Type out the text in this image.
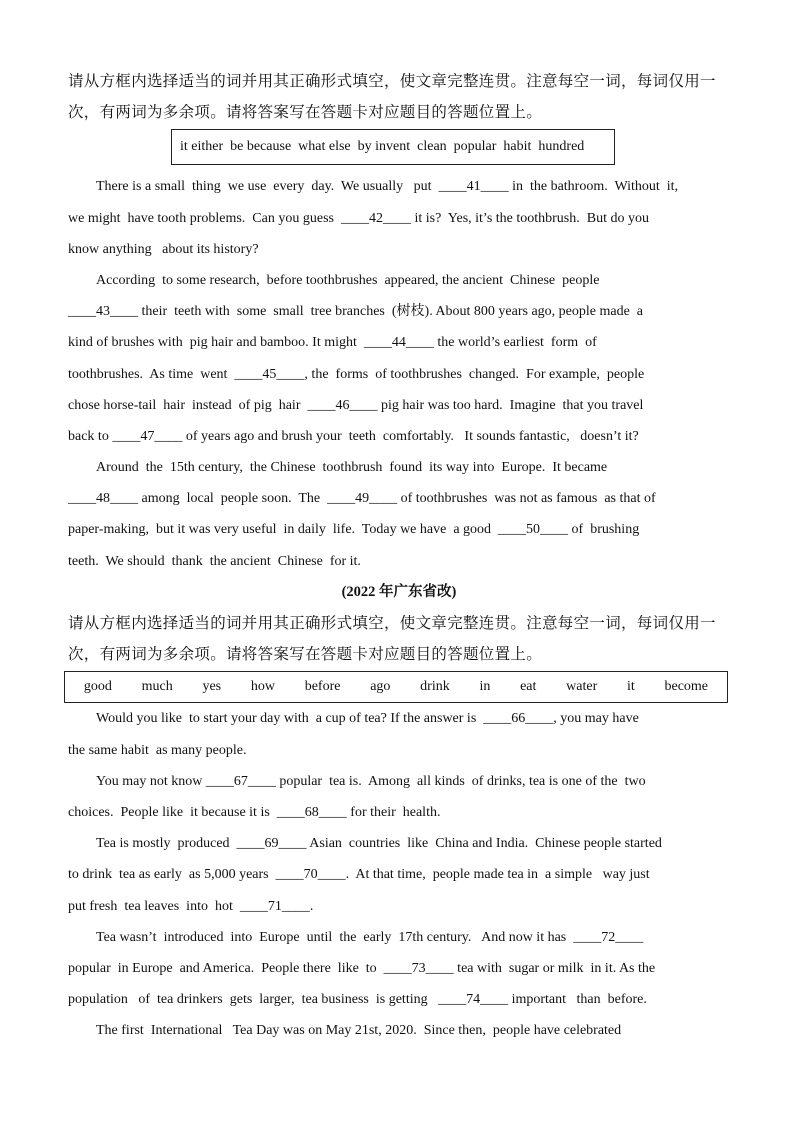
请从方框内选择适当的词并用其正确形式填空，使文章完整连贯。注意每空一词，每词仅用一
次，有两词为多余项。请将答案写在答题卡对应题目的答题位置上。
it either  be because  what else  by invent  clean  popular  habit  hundred
There is a small  thing  we use  every  day.  We usually   put  ____41____ in  the bathroom.  Without  it,
we might  have tooth problems.  Can you guess  ____42____ it is?  Yes, it’s the toothbrush.  But do you
know anything   about its history?
According  to some research,  before toothbrushes  appeared, the ancient  Chinese  people
____43____ their  teeth with  some  small  tree branches  (树枝). About 800 years ago, people made  a
kind of brushes with  pig hair and bamboo. It might  ____44____ the world’s earliest  form  of
toothbrushes.  As time  went  ____45____, the  forms  of toothbrushes  changed.  For example,  people
chose horse-tail  hair  instead  of pig  hair  ____46____ pig hair was too hard.  Imagine  that you travel
back to ____47____ of years ago and brush your  teeth  comfortably.   It sounds fantastic,   doesn’t it?
Around  the  15th century,  the Chinese  toothbrush  found  its way into  Europe.  It became
____48____ among  local  people soon.  The  ____49____ of toothbrushes  was not as famous  as that of
paper-making,  but it was very useful  in daily  life.  Today we have  a good  ____50____ of  brushing
teeth.  We should  thank  the ancient  Chinese  for it.
(2022 年广东省改)
请从方框内选择适当的词并用其正确形式填空，使文章完整连贯。注意每空一词，每词仅用一
次，有两词为多余项。请将答案写在答题卡对应题目的答题位置上。
good much yes how before ago drink in eat water it become
Would you like  to start your day with  a cup of tea? If the answer is  ____66____, you may have
the same habit  as many people.
You may not know ____67____ popular  tea is.  Among  all kinds  of drinks, tea is one of the  two
choices.  People like  it because it is  ____68____ for their  health.
Tea is mostly  produced  ____69____ Asian  countries  like  China and India.  Chinese people started
to drink  tea as early  as 5,000 years  ____70____.  At that time,  people made tea in  a simple   way just
put fresh  tea leaves  into  hot  ____71____.
Tea wasn’t  introduced  into  Europe  until  the  early  17th century.   And now it has  ____72____
popular  in Europe  and America.  People there  like  to  ____73____ tea with  sugar or milk  in it. As the
population   of  tea drinkers  gets  larger,  tea business  is getting   ____74____ important   than  before.
The first  International   Tea Day was on May 21st, 2020.  Since then,  people have celebrated
